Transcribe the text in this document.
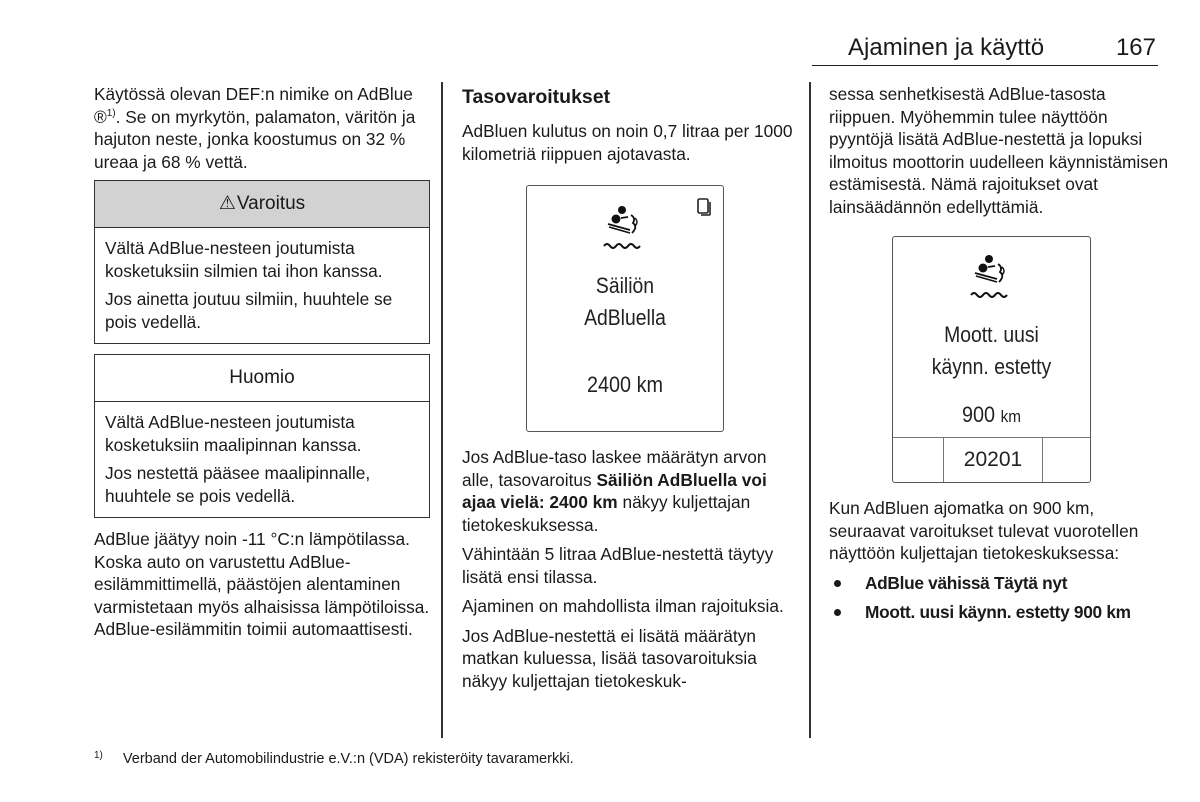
Ajaminen ja käyttö	167

Käytössä olevan DEF:n nimike on AdBlue ®$^{1)}$. Se on myrkytön, palamaton, väritön ja hajuton neste, jonka koostumus on 32 % ureaa ja 68 % vettä.

⚠Varoitus

Vältä AdBlue-nesteen joutumista kosketuksiin silmien tai ihon kanssa.

Jos ainetta joutuu silmiin, huuhtele se pois vedellä.

Huomio

Vältä AdBlue-nesteen joutumista kosketuksiin maalipinnan kanssa.

Jos nestettä pääsee maalipinnalle, huuhtele se pois vedellä.

AdBlue jäätyy noin -11 °C:n lämpötilassa. Koska auto on varustettu AdBlue-esilämmittimellä, päästöjen alentaminen varmistetaan myös alhaisissa lämpötiloissa. AdBlue-esilämmitin toimii automaattisesti.

Tasovaroitukset

AdBluen kulutus on noin 0,7 litraa per 1000 kilometriä riippuen ajotavasta.

Säiliön
AdBluella
2400 km

Jos AdBlue-taso laskee määrätyn arvon alle, tasovaroitus Säiliön AdBluella voi ajaa vielä: 2400 km näkyy kuljettajan tietokeskuksessa.

Vähintään 5 litraa AdBlue-nestettä täytyy lisätä ensi tilassa.

Ajaminen on mahdollista ilman rajoituksia.

Jos AdBlue-nestettä ei lisätä määrätyn matkan kuluessa, lisää tasovaroituksia näkyy kuljettajan tietokeskuk-

sessa senhetkisestä AdBlue-tasosta riippuen. Myöhemmin tulee näyttöön pyyntöjä lisätä AdBlue-nestettä ja lopuksi ilmoitus moottorin uudelleen käynnistämisen estämisestä. Nämä rajoitukset ovat lainsäädännön edellyttämiä.

Moott. uusi
käynn. estetty
900 km
20201

Kun AdBluen ajomatka on 900 km, seuraavat varoitukset tulevat vuorotellen näyttöön kuljettajan tietokeskuksessa:

AdBlue vähissä Täytä nyt
Moott. uusi käynn. estetty 900 km
$^{1)}$ Verband der Automobilindustrie e.V.:n (VDA) rekisteröity tavaramerkki.
